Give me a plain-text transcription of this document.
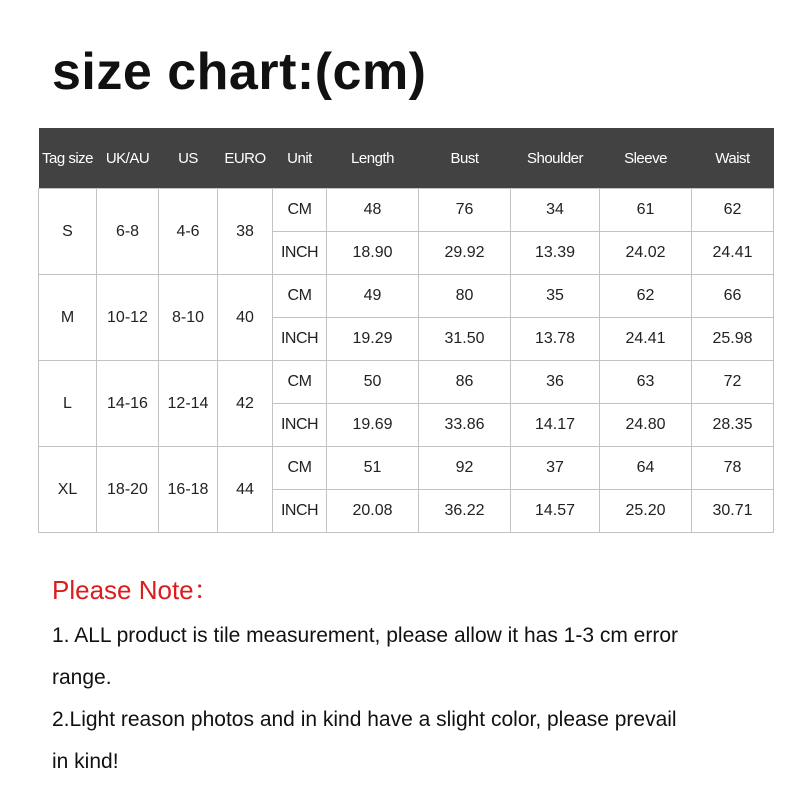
size chart:(cm)
Tag size	UK/AU	US	EURO	Unit	Length	Bust	Shoulder	Sleeve	Waist
S	6-8	4-6	38	CM	48	76	34	61	62
				INCH	18.90	29.92	13.39	24.02	24.41
M	10-12	8-10	40	CM	49	80	35	62	66
				INCH	19.29	31.50	13.78	24.41	25.98
L	14-16	12-14	42	CM	50	86	36	63	72
				INCH	19.69	33.86	14.17	24.80	28.35
XL	18-20	16-18	44	CM	51	92	37	64	78
				INCH	20.08	36.22	14.57	25.20	30.71
Please Note：
1. ALL product is tile measurement, please allow it has 1-3 cm error
range.
2.Light reason photos and in kind have a slight color, please prevail
in kind!
